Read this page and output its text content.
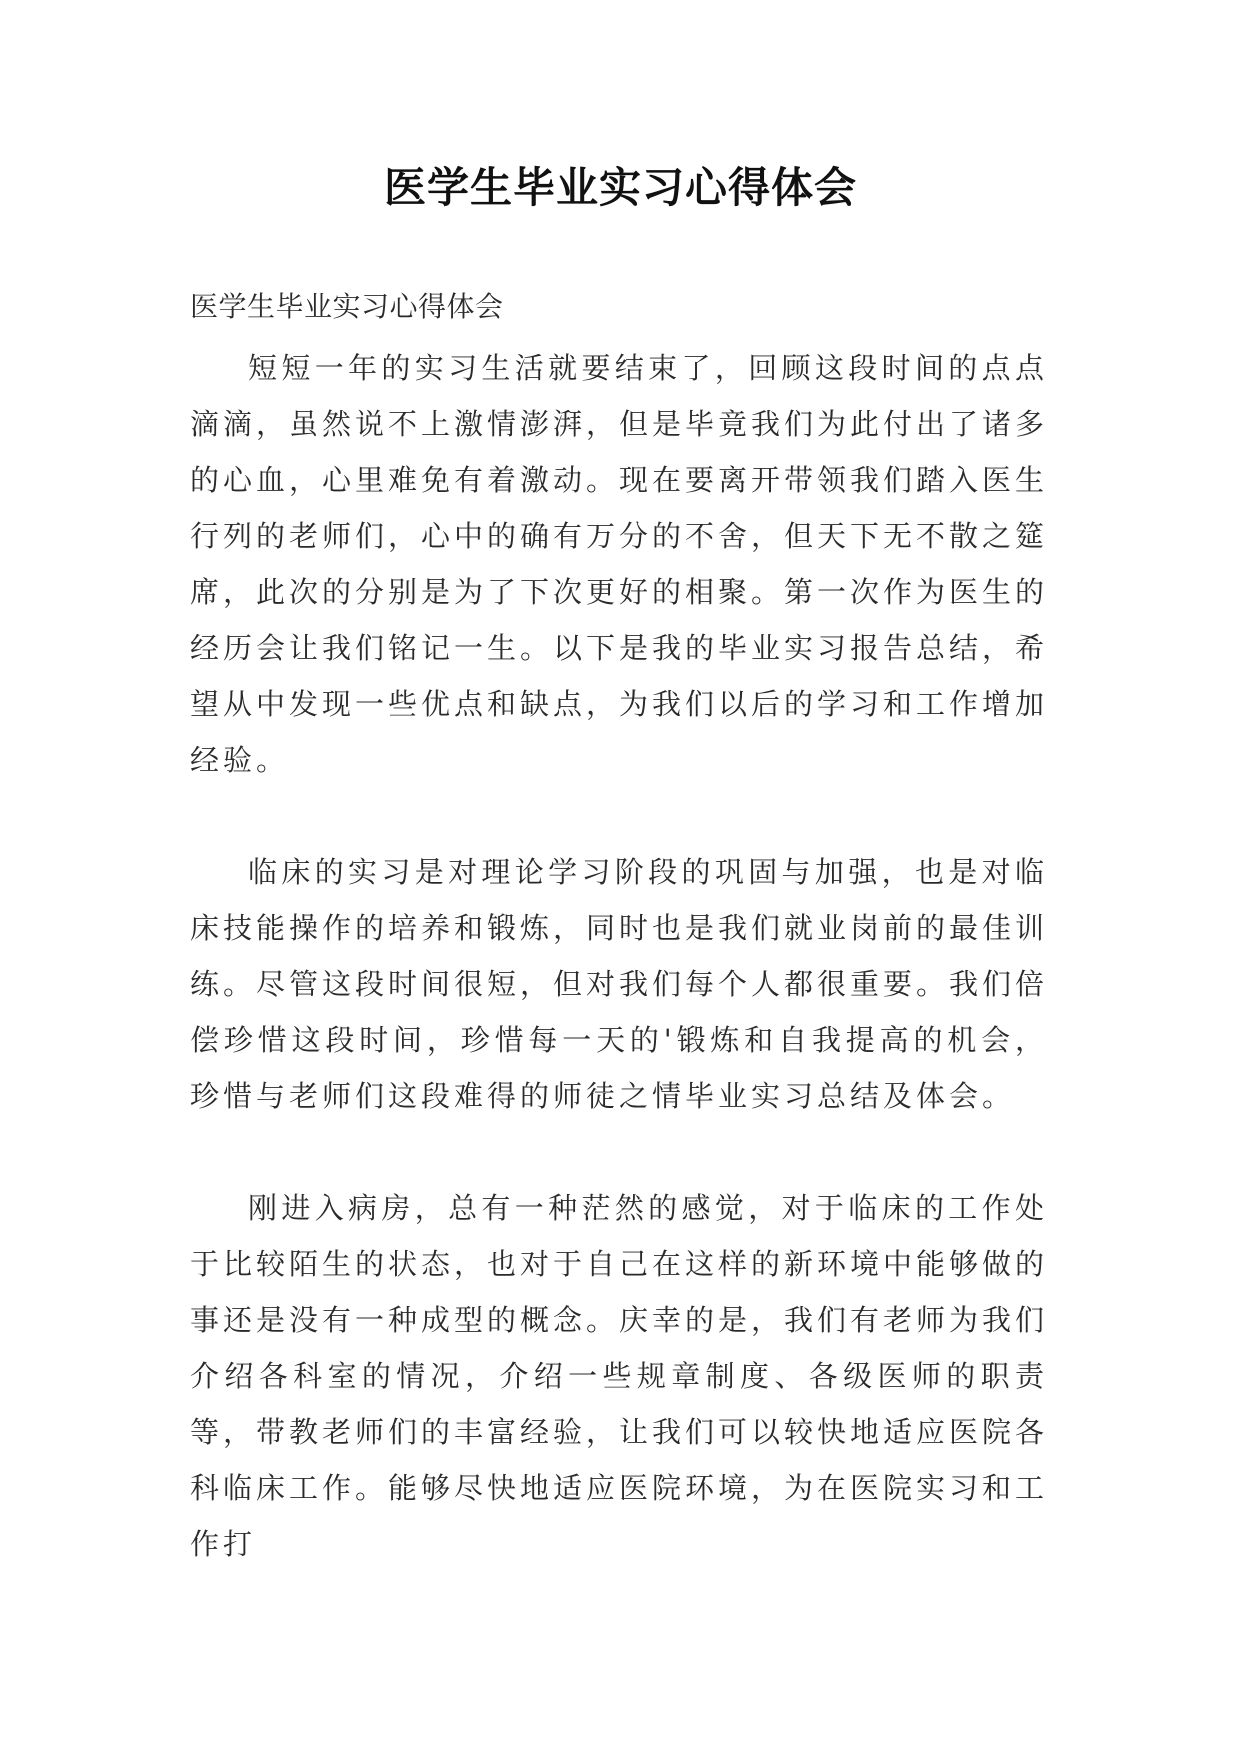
医学生毕业实习心得体会

医学生毕业实习心得体会

短短一年的实习生活就要结束了，回顾这段时间的点点滴滴，虽然说不上激情澎湃，但是毕竟我们为此付出了诸多的心血，心里难免有着激动。现在要离开带领我们踏入医生行列的老师们，心中的确有万分的不舍，但天下无不散之筵席，此次的分别是为了下次更好的相聚。第一次作为医生的经历会让我们铭记一生。以下是我的毕业实习报告总结，希望从中发现一些优点和缺点，为我们以后的学习和工作增加经验。

临床的实习是对理论学习阶段的巩固与加强，也是对临床技能操作的培养和锻炼，同时也是我们就业岗前的最佳训练。尽管这段时间很短，但对我们每个人都很重要。我们倍偿珍惜这段时间，珍惜每一天的'锻炼和自我提高的机会，珍惜与老师们这段难得的师徒之情毕业实习总结及体会。

刚进入病房，总有一种茫然的感觉，对于临床的工作处于比较陌生的状态，也对于自己在这样的新环境中能够做的事还是没有一种成型的概念。庆幸的是，我们有老师为我们介绍各科室的情况，介绍一些规章制度、各级医师的职责等，带教老师们的丰富经验，让我们可以较快地适应医院各科临床工作。能够尽快地适应医院环境，为在医院实习和工作打
